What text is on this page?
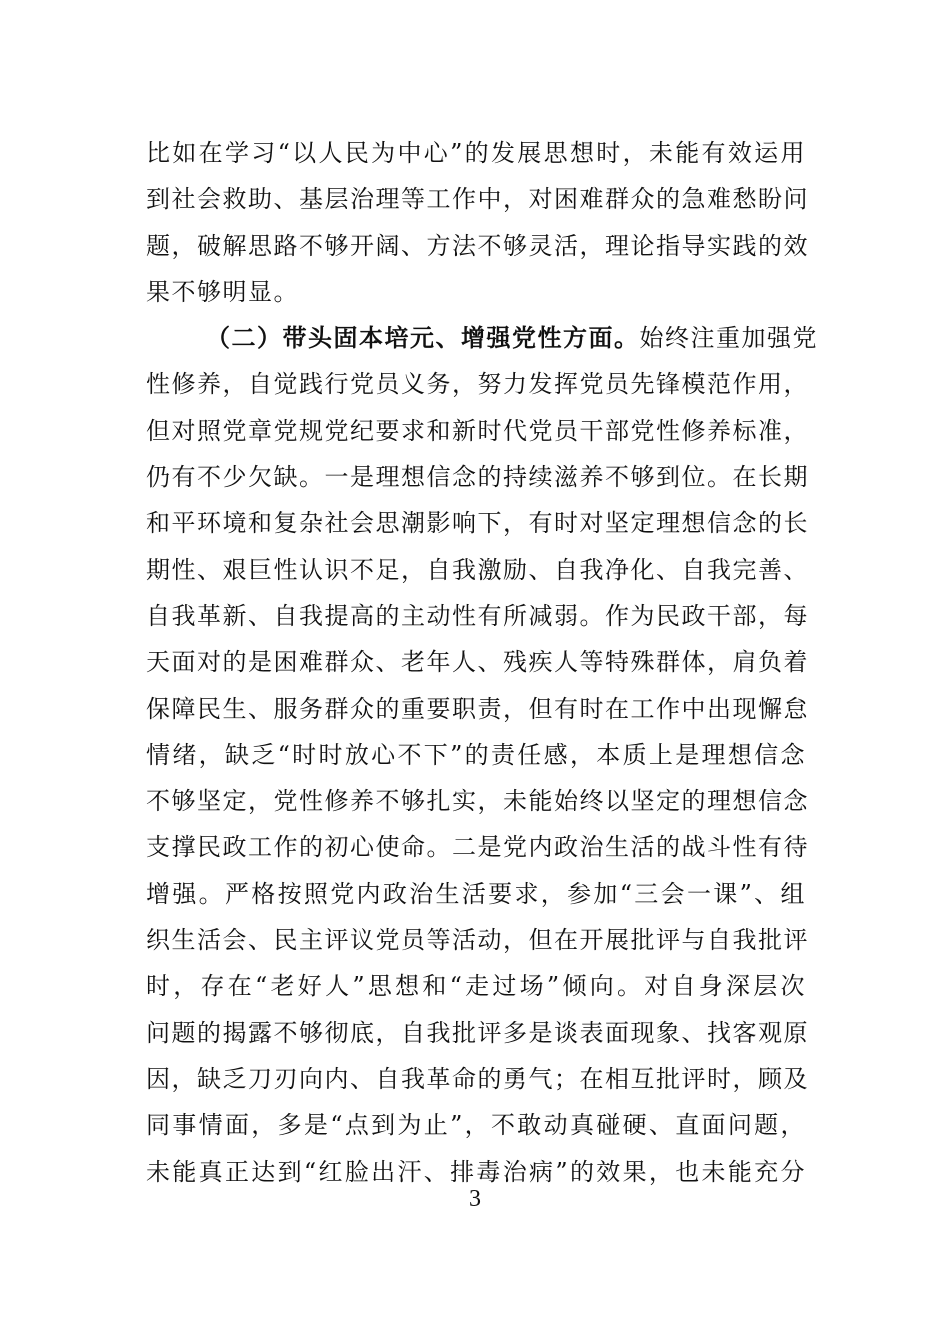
比如在学习“以人民为中心”的发展思想时，未能有效运用
到社会救助、基层治理等工作中，对困难群众的急难愁盼问
题，破解思路不够开阔、方法不够灵活，理论指导实践的效
果不够明显。
（二）带头固本培元、增强党性方面。始终注重加强党
性修养，自觉践行党员义务，努力发挥党员先锋模范作用，
但对照党章党规党纪要求和新时代党员干部党性修养标准，
仍有不少欠缺。一是理想信念的持续滋养不够到位。在长期
和平环境和复杂社会思潮影响下，有时对坚定理想信念的长
期性、艰巨性认识不足，自我激励、自我净化、自我完善、
自我革新、自我提高的主动性有所减弱。作为民政干部，每
天面对的是困难群众、老年人、残疾人等特殊群体，肩负着
保障民生、服务群众的重要职责，但有时在工作中出现懈怠
情绪，缺乏“时时放心不下”的责任感，本质上是理想信念
不够坚定，党性修养不够扎实，未能始终以坚定的理想信念
支撑民政工作的初心使命。二是党内政治生活的战斗性有待
增强。严格按照党内政治生活要求，参加“三会一课”、组
织生活会、民主评议党员等活动，但在开展批评与自我批评
时，存在“老好人”思想和“走过场”倾向。对自身深层次
问题的揭露不够彻底，自我批评多是谈表面现象、找客观原
因，缺乏刀刃向内、自我革命的勇气；在相互批评时，顾及
同事情面，多是“点到为止”，不敢动真碰硬、直面问题，
未能真正达到“红脸出汗、排毒治病”的效果，也未能充分
3
